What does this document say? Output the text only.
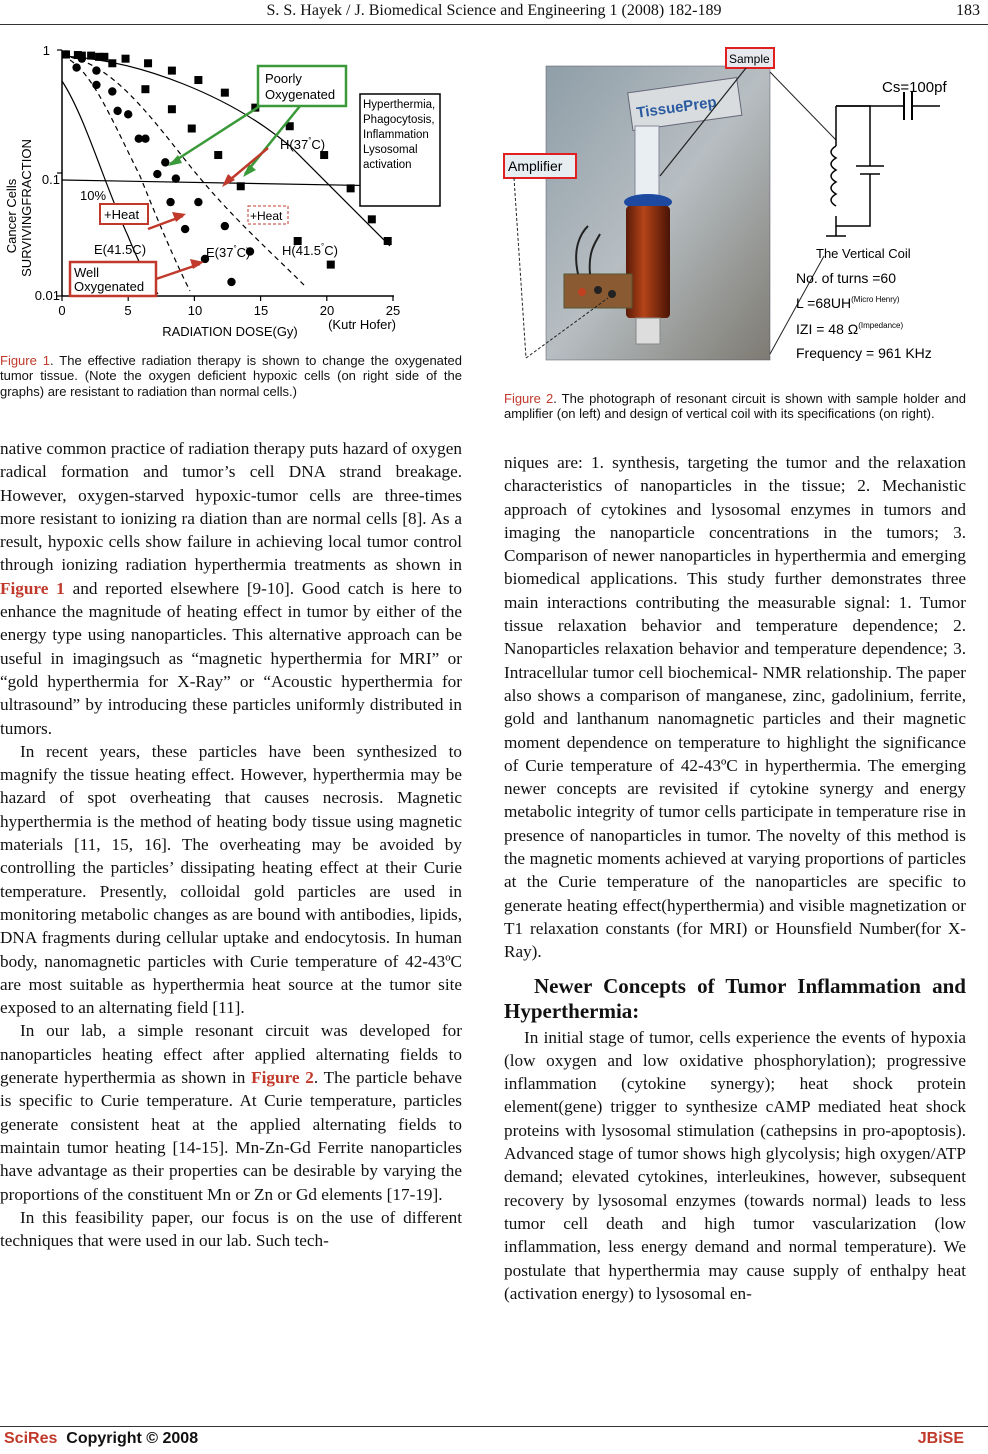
S. S. Hayek / J. Biomedical Science and Engineering 1 (2008) 182-189	183
1
0.1
0.01
0	5	10	15	20	25
RADIATION DOSE(Gy) (Kutr Hofer)
Cancer Cells SURVIVINGFRACTION	H(37°C)
H(41.5°C)
E(41.5C)	E(37°C)
10%
Poorly
Oxygenated
Hyperthermia,
Phagocytosis,
Inflammation
Lysosomal
activation
+Heat	+Heat
Well
Oxygenated
Figure 1. The effective radiation therapy is shown to change the oxygenated tumor tissue. (Note the oxygen deficient hypoxic cells (on right side of the graphs) are resistant to radiation than normal cells.)

native common practice of radiation therapy puts hazard of oxygen radical formation and tumor’s cell DNA strand breakage. However, oxygen-starved hypoxic-tumor cells are three-times more resistant to ionizing ra diation than are normal cells [8]. As a result, hypoxic cells show failure in achieving local tumor control through ionizing radiation hyperthermia treatments as shown in Figure 1 and reported elsewhere [9-10]. Good catch is here to enhance the magnitude of heating effect in tumor by either of the energy type using nanoparticles. This alternative approach can be useful in imagingsuch as “magnetic hyperthermia for MRI” or “gold hyperthermia for X-Ray” or “Acoustic hyperthermia for ultrasound” by introducing these particles uniformly distributed in tumors.

In recent years, these particles have been synthesized to magnify the tissue heating effect. However, hyperthermia may be hazard of spot overheating that causes necrosis. Magnetic hyperthermia is the method of heating body tissue using magnetic materials [11, 15, 16]. The overheating may be avoided by controlling the particles’ dissipating heating effect at their Curie temperature. Presently, colloidal gold particles are used in monitoring metabolic changes as are bound with antibodies, lipids, DNA fragments during cellular uptake and endocytosis. In human body, nanomagnetic particles with Curie temperature of 42-43ºC are most suitable as hyperthermia heat source at the tumor site exposed to an alternating field [11].

In our lab, a simple resonant circuit was developed for nanoparticles heating effect after applied alternating fields to generate hyperthermia as shown in Figure 2. The particle behave is specific to Curie temperature. At Curie temperature, particles generate consistent heat at the applied alternating fields to maintain tumor heating [14-15]. Mn-Zn-Gd Ferrite nanoparticles have advantage as their properties can be desirable by varying the proportions of the constituent Mn or Zn or Gd elements [17-19].

In this feasibility paper, our focus is on the use of different techniques that were used in our lab. Such tech-

TissuePrep
Sample
Amplifier
Cs=100pf
The Vertical Coil
No. of turns =60
$L =68UH^{(Micro Henry)}$
IZI = 48 $\Omega^{(Impedance)}$
Frequency = 961 KHz
Figure 2. The photograph of resonant circuit is shown with sample holder and amplifier (on left) and design of vertical coil with its specifications (on right).

niques are: 1. synthesis, targeting the tumor and the relaxation characteristics of nanoparticles in the tissue; 2. Mechanistic approach of cytokines and lysosomal enzymes in tumors and imaging the nanoparticle concentrations in the tumors; 3. Comparison of newer nanoparticles in hyperthermia and emerging biomedical applications. This study further demonstrates three main interactions contributing the measurable signal: 1. Tumor tissue relaxation behavior and temperature dependence; 2. Nanoparticles relaxation behavior and temperature dependence; 3. Intracellular tumor cell biochemical- NMR relationship. The paper also shows a comparison of manganese, zinc, gadolinium, ferrite, gold and lanthanum nanomagnetic particles and their magnetic moment dependence on temperature to highlight the significance of Curie temperature of 42-43ºC in hyperthermia. The emerging newer concepts are revisited if cytokine synergy and energy metabolic integrity of tumor cells participate in temperature rise in presence of nanoparticles in tumor. The novelty of this method is the magnetic moments achieved at varying proportions of particles at the Curie temperature of the nanoparticles are specific to generate heating effect(hyperthermia) and visible magnetization or T1 relaxation constants (for MRI) or Hounsfield Number(for X-Ray).

Newer Concepts of Tumor Inflammation and Hyperthermia:

In initial stage of tumor, cells experience the events of hypoxia (low oxygen and low oxidative phosphorylation); progressive inflammation (cytokine synergy); heat shock protein element(gene) trigger to synthesize cAMP mediated heat shock proteins with lysosomal stimulation (cathepsins in pro-apoptosis). Advanced stage of tumor shows high glycolysis; high oxygen/ATP demand; elevated cytokines, interleukines, however, subsequent recovery by lysosomal enzymes (towards normal) leads to less tumor cell death and high tumor vascularization (low inflammation, less energy demand and normal temperature). We postulate that hyperthermia may cause supply of enthalpy heat (activation energy) to lysosomal en-

SciRes Copyright © 2008	JBiSE
